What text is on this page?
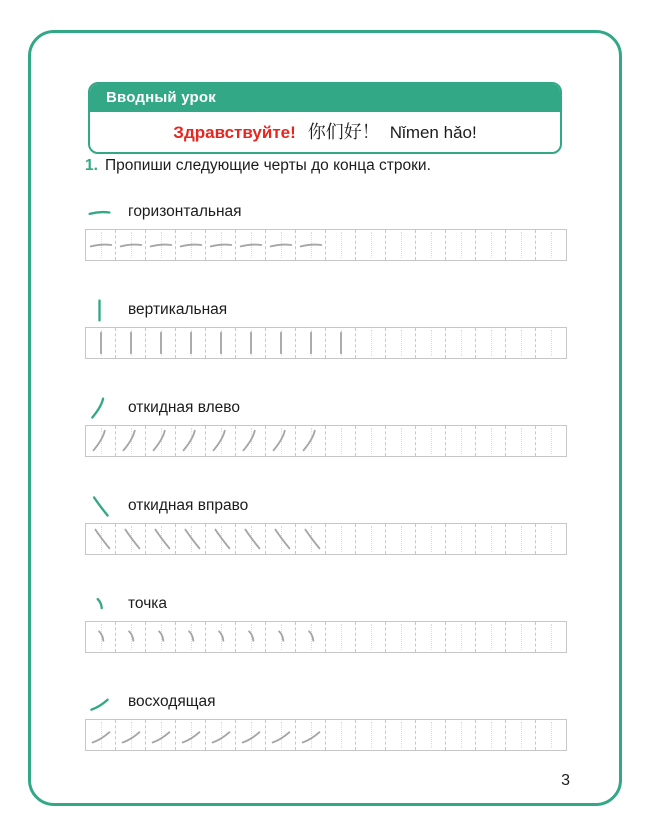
Вводный урок
Здравствуйте! 你们好！ Nǐmen hǎo!
1. Пропиши следующие черты до конца строки.
горизонтальная
вертикальная
откидная влево
откидная вправо
точка
восходящая
3
